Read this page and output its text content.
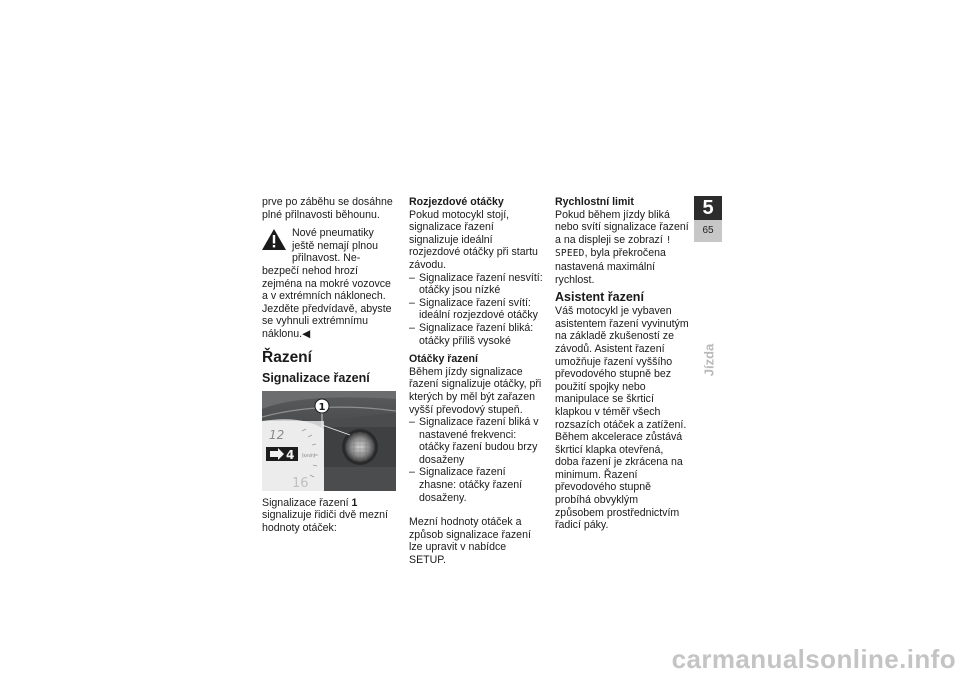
prve po záběhu se dosáhne plné přilnavosti běhounu.

Nové pneumatiky ještě nemají plnou přilnavost. Ne-
bezpečí nehod hrozí zejména na mokré vozovce a v extrémních náklonech.

Jezděte předvídavě, abyste se vyhnuli extrémnímu náklonu.◀

Řazení
Signalizace řazení
12
[km/h]
4
16
1

Signalizace řazení 1 signalizuje řidiči dvě mezní hodnoty otáček:

Rozjezdové otáčky

Pokud motocykl stojí, signalizace řazení signalizuje ideální rozjezdové otáčky při startu závodu.

– Signalizace řazení nesvítí: otáčky jsou nízké
– Signalizace řazení svítí: ideální rozjezdové otáčky
– Signalizace řazení bliká: otáčky příliš vysoké
Otáčky řazení

Během jízdy signalizace řazení signalizuje otáčky, při kterých by měl být zařazen vyšší převodový stupeň.

– Signalizace řazení bliká v nastavené frekvenci: otáčky řazení budou brzy dosaženy
– Signalizace řazení zhasne: otáčky řazení dosaženy.

Mezní hodnoty otáček a způsob signalizace řazení lze upravit v nabídce SETUP.

Rychlostní limit

Pokud během jízdy bliká nebo svítí signalizace řazení a na displeji se zobrazí ! SPEED, byla překročena nastavená maximální rychlost.

Asistent řazení

Váš motocykl je vybaven asistentem řazení vyvinutým na základě zkušeností ze závodů. Asistent řazení umožňuje řazení vyššího převodového stupně bez použití spojky nebo manipulace se škrticí klapkou v téměř všech rozsazích otáček a zatížení. Během akcelerace zůstává škrticí klapka otevřená, doba řazení je zkrácena na minimum. Řazení převodového stupně probíhá obvyklým způsobem prostřednictvím řadicí páky.

5
65
Jízda
carmanualsonline.info
